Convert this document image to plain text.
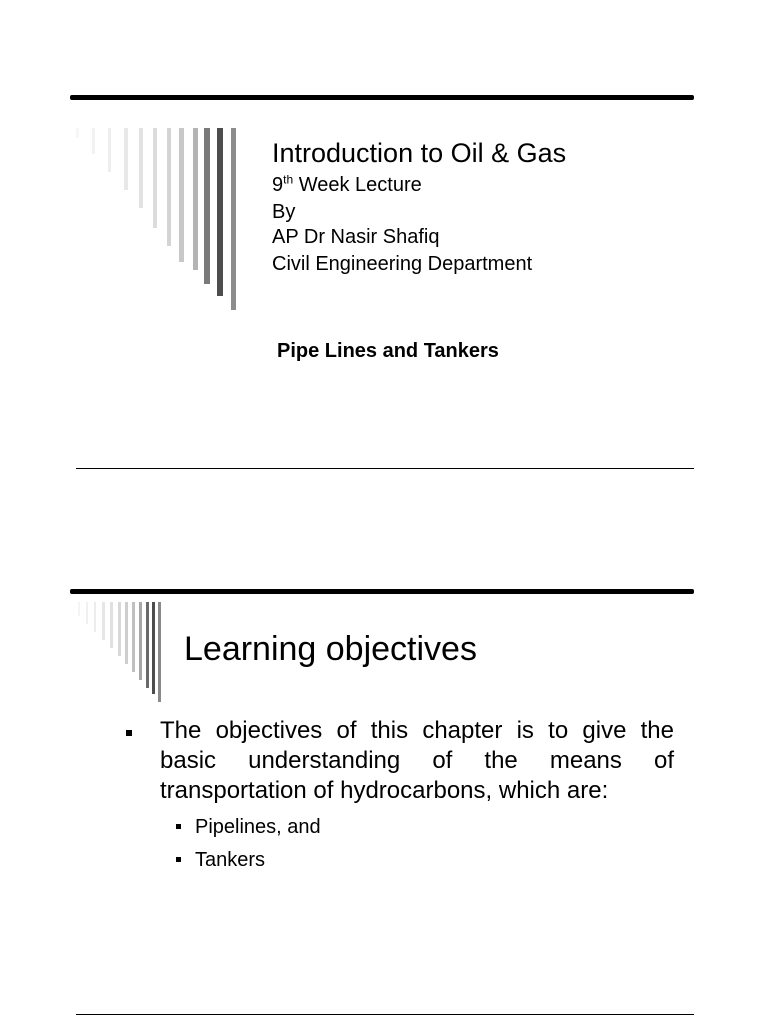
Introduction to Oil & Gas
9th Week Lecture
By
AP Dr Nasir Shafiq
Civil Engineering Department
Pipe Lines and Tankers
Learning objectives
The objectives of this chapter is to give the basic understanding of the means of transportation of hydrocarbons, which are:
Pipelines, and
Tankers
